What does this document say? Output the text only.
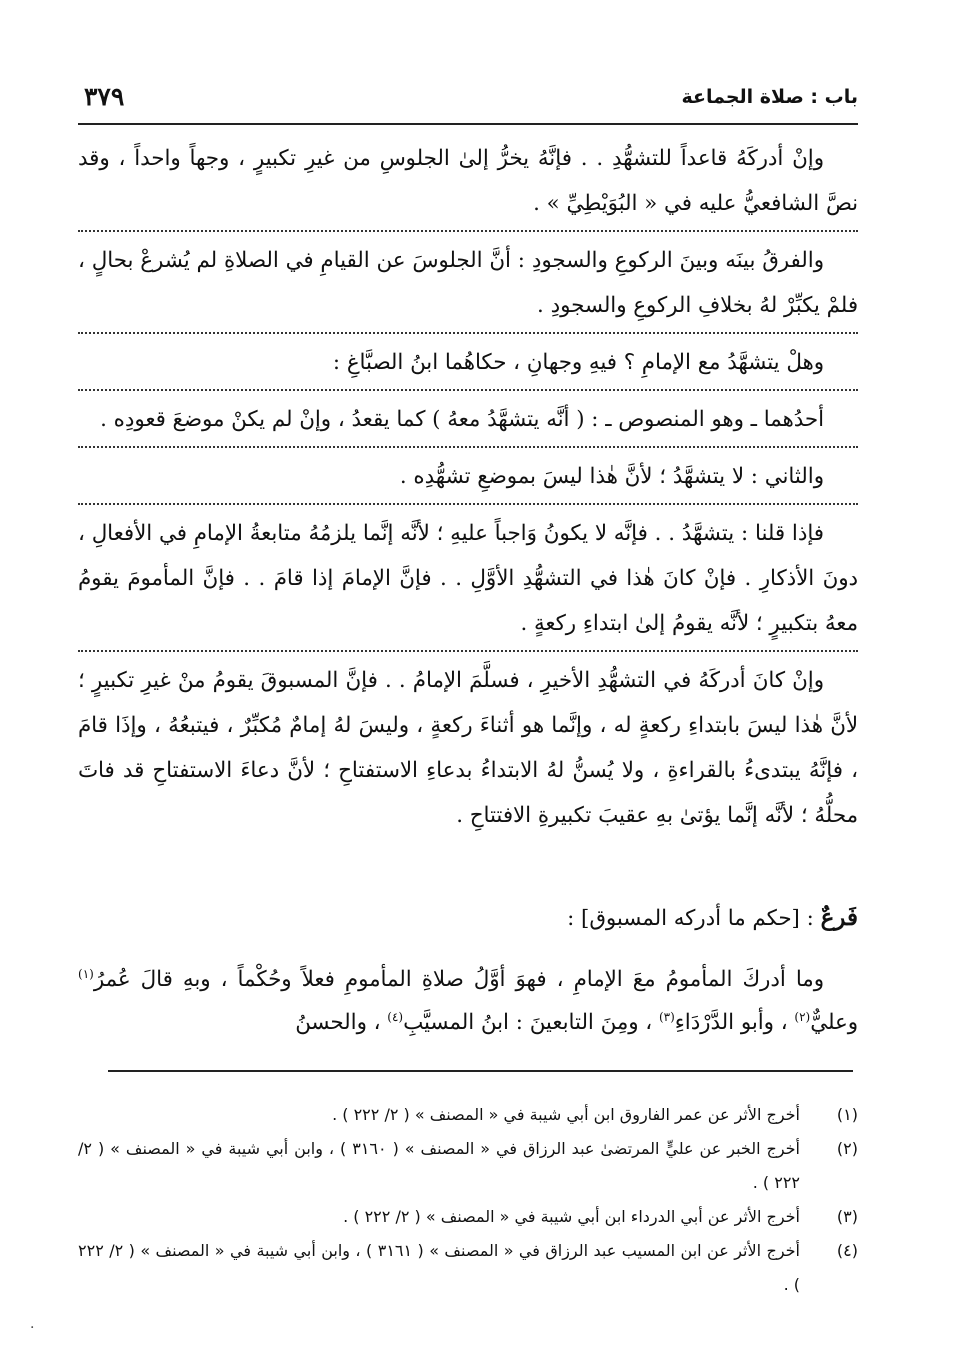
باب : صلاة الجماعة
٣٧٩

وإنْ أدركَهُ قاعداً للتشهُّدِ . . فإنَّهُ يخرُّ إلىٰ الجلوسِ من غيرِ تكبيرٍ ، وجهاً واحداً ، وقد نصَّ الشافعيُّ عليه في « البُوَيْطِيِّ » .

والفرقُ بينَه وبينَ الركوعِ والسجودِ : أنَّ الجلوسَ عن القيامِ في الصلاةِ لم يُشرعْ بحالٍ ، فلمْ يكبِّرْ لهُ بخلافِ الركوعِ والسجودِ .

وهلْ يتشهَّدُ مع الإمامِ ؟ فيهِ وجهانِ ، حكاهُما ابنُ الصبَّاغِ :

أحدُهما ـ وهو المنصوص ـ : ( أنَّه يتشهَّدُ معهُ ) كما يقعدُ ، وإنْ لم يكنْ موضعَ قعودِه .

والثاني : لا يتشهَّدُ ؛ لأنَّ هٰذا ليسَ بموضعِ تشهُّدِه .

فإذا قلنا : يتشهَّدُ . . فإنَّه لا يكونُ وَاجباً عليهِ ؛ لأنَّه إنَّما يلزمُهُ متابعةُ الإمامِ في الأفعالِ ، دونَ الأذكارِ . فإنْ كانَ هٰذا في التشهُّدِ الأوَّلِ . . فإنَّ الإمامَ إذا قامَ . . فإنَّ المأمومَ يقومُ معهُ بتكبيرٍ ؛ لأنَّه يقومُ إلىٰ ابتداءِ ركعةٍ .

وإنْ كانَ أدركَهُ في التشهُّدِ الأخيرِ ، فسلَّمَ الإمامُ . . فإنَّ المسبوقَ يقومُ منْ غيرِ تكبيرٍ ؛ لأنَّ هٰذا ليسَ بابتداءِ ركعةٍ له ، وإنَّما هو أثناءَ ركعةٍ ، وليسَ لهُ إمامٌ مُكبِّرٌ ، فيتبعُهُ ، وإذَا قامَ ، فإنَّهُ يبتدىءُ بالقراءةِ ، ولا يُسنُّ لهُ الابتداءُ بدعاءِ الاستفتاحِ ؛ لأنَّ دعاءَ الاستفتاحِ قد فاتَ محلُّهُ ؛ لأنَّه إنَّما يؤتىٰ بهِ عقيبَ تكبيرةِ الافتتاحِ .

فَرعٌ : [حكم ما أدركه المسبوق] :

وما أدركَ المأمومُ معَ الإمامِ ، فهوَ أوَّلُ صلاةِ المأمومِ فعلاً وحُكْماً ، وبهِ قالَ عُمرُ$^{(١)}$ وعليٌّ$^{(٢)}$ ، وأبو الدَّرْدَاءِ$^{(٣)}$ ، ومِنَ التابعينَ : ابنُ المسيَّبِ$^{(٤)}$ ، والحسنُ

(١)
أخرج الأثر عن عمر الفاروق ابن أبي شيبة في « المصنف » ( ٢/ ٢٢٢ ) .
(٢)
أخرج الخبر عن عليٍّ المرتضىٰ عبد الرزاق في « المصنف » ( ٣١٦٠ ) ، وابن أبي شيبة في « المصنف » ( ٢/ ٢٢٢ ) .
(٣)
أخرج الأثر عن أبي الدرداء ابن أبي شيبة في « المصنف » ( ٢/ ٢٢٢ ) .
(٤)
أخرج الأثر عن ابن المسيب عبد الرزاق في « المصنف » ( ٣١٦١ ) ، وابن أبي شيبة في « المصنف » ( ٢/ ٢٢٢ ) .
·
